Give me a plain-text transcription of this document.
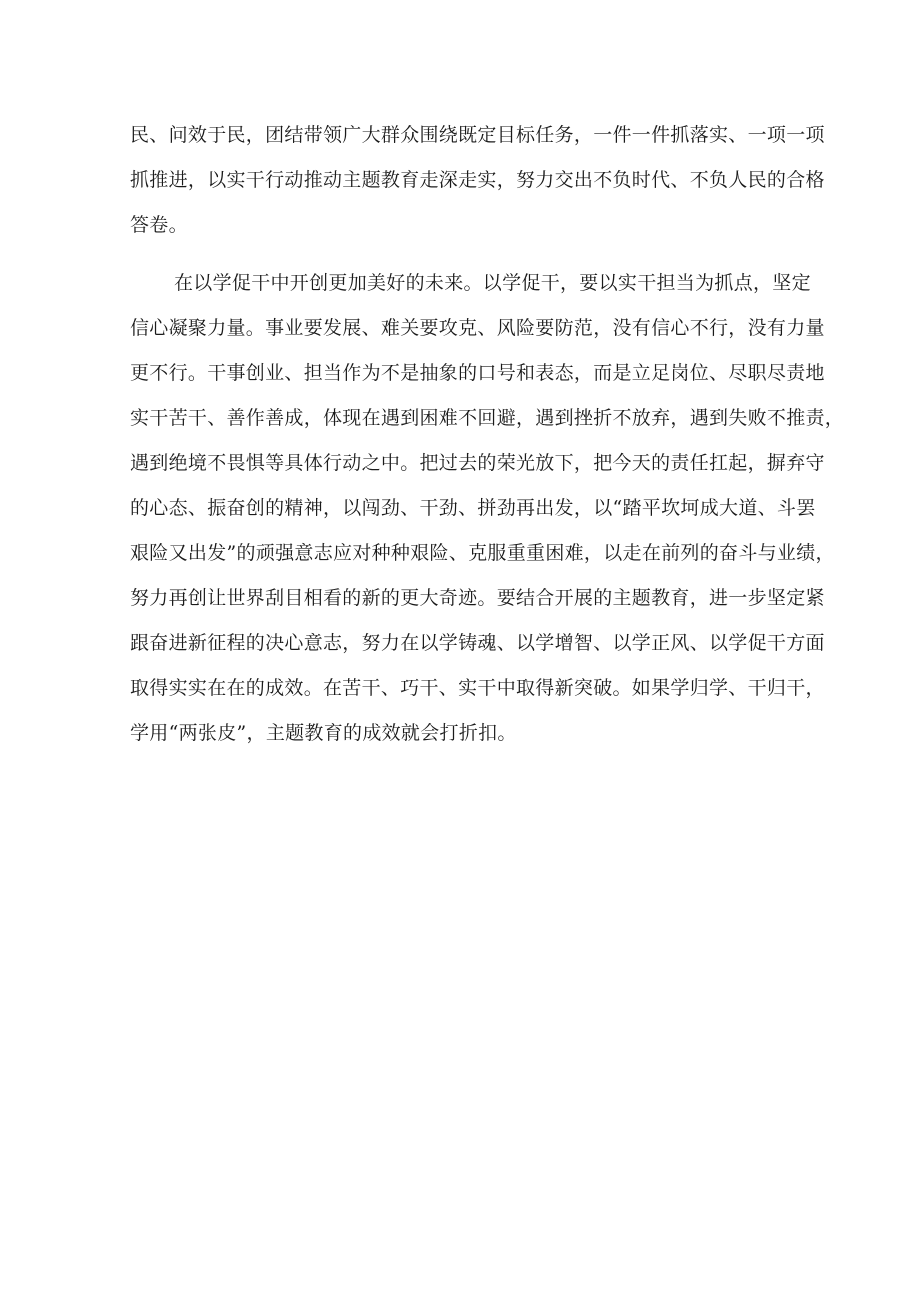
民、问效于民，团结带领广大群众围绕既定目标任务，一件一件抓落实、一项一项
抓推进，以实干行动推动主题教育走深走实，努力交出不负时代、不负人民的合格
答卷。
在以学促干中开创更加美好的未来。以学促干，要以实干担当为抓点，坚定
信心凝聚力量。事业要发展、难关要攻克、风险要防范，没有信心不行，没有力量
更不行。干事创业、担当作为不是抽象的口号和表态，而是立足岗位、尽职尽责地
实干苦干、善作善成，体现在遇到困难不回避，遇到挫折不放弃，遇到失败不推责，
遇到绝境不畏惧等具体行动之中。把过去的荣光放下，把今天的责任扛起，摒弃守
的心态、振奋创的精神，以闯劲、干劲、拼劲再出发，以“踏平坎坷成大道、斗罢
艰险又出发”的顽强意志应对种种艰险、克服重重困难，以走在前列的奋斗与业绩，
努力再创让世界刮目相看的新的更大奇迹。要结合开展的主题教育，进一步坚定紧
跟奋进新征程的决心意志，努力在以学铸魂、以学增智、以学正风、以学促干方面
取得实实在在的成效。在苦干、巧干、实干中取得新突破。如果学归学、干归干，
学用“两张皮”，主题教育的成效就会打折扣。
